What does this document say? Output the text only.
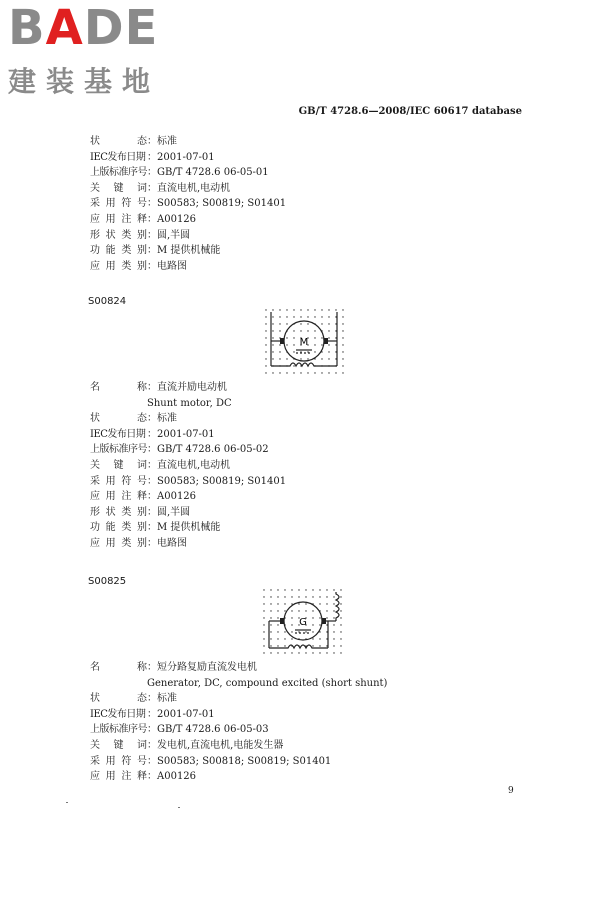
BADE
建装基地
GB/T 4728.6—2008/IEC 60617 database
状	态 ： 标准
IEC发布日期 ： 2001-07-01
上版标准序号 ： GB/T 4728.6 06-05-01
关 键 词 ： 直流电机,电动机
采 用 符 号 ： S00583; S00819; S01401
应 用 注 释 ： A00126
形 状 类 别 ： 圆,半圆
功 能 类 别 ： M 提供机械能
应 用 类 别 ： 电路图
S00824
M
名	称 ： 直流并励电动机
Shunt motor, DC
状	态 ： 标准
IEC发布日期 ： 2001-07-01
上版标准序号 ： GB/T 4728.6 06-05-02
关 键 词 ： 直流电机,电动机
采 用 符 号 ： S00583; S00819; S01401
应 用 注 释 ： A00126
形 状 类 别 ： 圆,半圆
功 能 类 别 ： M 提供机械能
应 用 类 别 ： 电路图
S00825
G
名	称 ： 短分路复励直流发电机
Generator, DC, compound excited (short shunt)
状	态 ： 标准
IEC发布日期 ： 2001-07-01
上版标准序号 ： GB/T 4728.6 06-05-03
关 键 词 ： 发电机,直流电机,电能发生器
采 用 符 号 ： S00583; S00818; S00819; S01401
应 用 注 释 ： A00126
9
